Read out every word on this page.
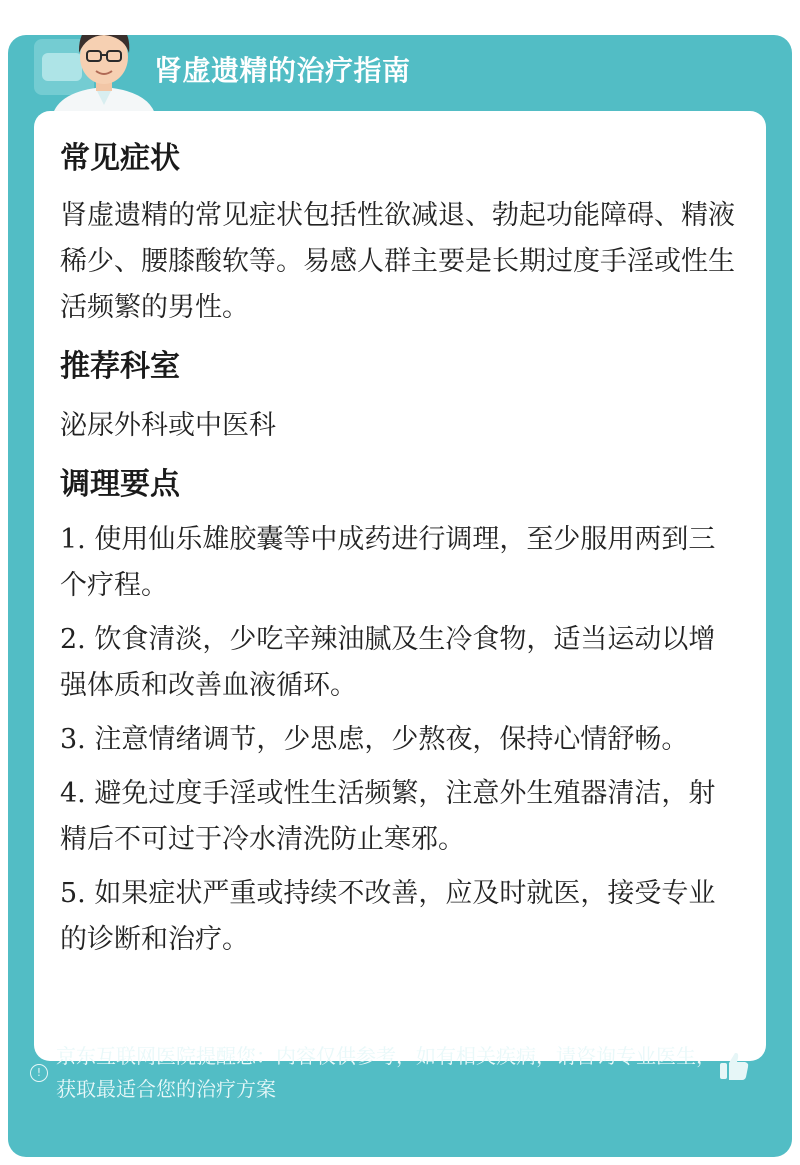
肾虚遗精的治疗指南
常见症状

肾虚遗精的常见症状包括性欲减退、勃起功能障碍、精液稀少、腰膝酸软等。易感人群主要是长期过度手淫或性生活频繁的男性。

推荐科室

泌尿外科或中医科

调理要点

1. 使用仙乐雄胶囊等中成药进行调理，至少服用两到三个疗程。

2. 饮食清淡，少吃辛辣油腻及生冷食物，适当运动以增强体质和改善血液循环。

3. 注意情绪调节，少思虑，少熬夜，保持心情舒畅。

4. 避免过度手淫或性生活频繁，注意外生殖器清洁，射精后不可过于冷水清洗防止寒邪。

5. 如果症状严重或持续不改善，应及时就医，接受专业的诊断和治疗。

!
京东互联网医院提醒您：内容仅供参考，如有相关疾病，请咨询专业医生，获取最适合您的治疗方案
